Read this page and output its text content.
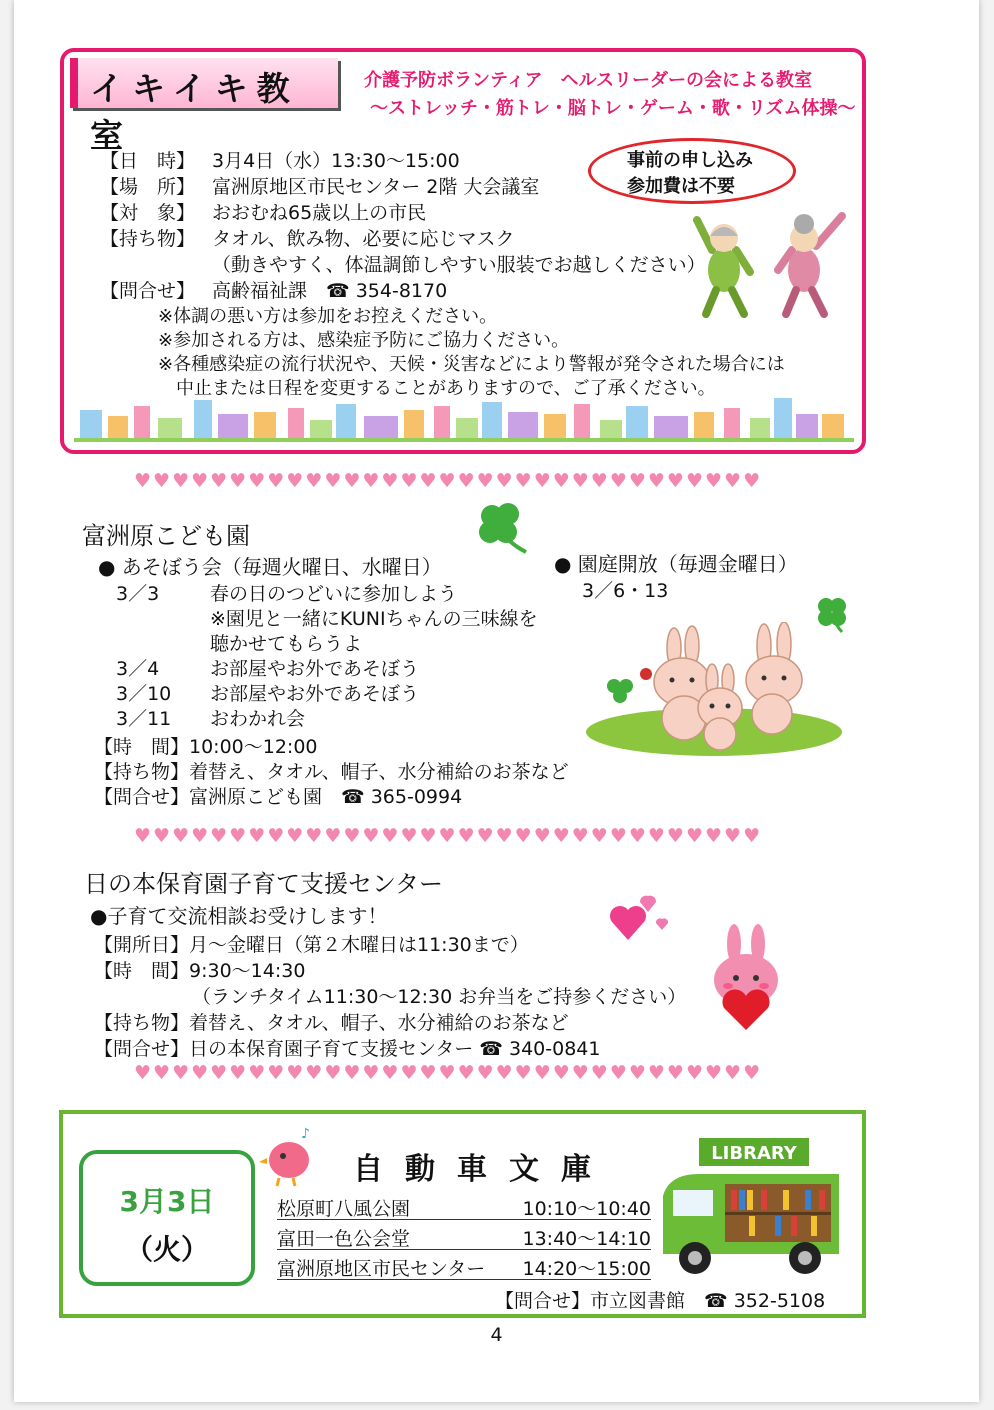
イキイキ教室
介護予防ボランティア　ヘルスリーダーの会による教室
～ストレッチ・筋トレ・脳トレ・ゲーム・歌・リズム体操～
【日　時】 3月4日（水）13:30～15:00
【場　所】 富洲原地区市民センター 2階 大会議室
【対　象】 おおむね65歳以上の市民
【持ち物】 タオル、飲み物、必要に応じマスク
（動きやすく、体温調節しやすい服装でお越しください）
【問合せ】 高齢福祉課　☎ 354-8170
※体調の悪い方は参加をお控えください。
※参加される方は、感染症予防にご協力ください。
※各種感染症の流行状況や、天候・災害などにより警報が発令された場合には
中止または日程を変更することがありますので、ご了承ください。
事前の申し込み
参加費は不要
♥♥♥♥♥♥♥♥♥♥♥♥♥♥♥♥♥♥♥♥♥♥♥♥♥♥♥♥♥♥♥♥♥
富洲原こども園
● あそぼう会（毎週火曜日、水曜日）
3／3	春の日のつどいに参加しよう
※園児と一緒にKUNIちゃんの三味線を
聴かせてもらうよ
3／4	お部屋やお外であそぼう
3／10 お部屋やお外であそぼう
3／11 おわかれ会
【時　間】10:00～12:00
【持ち物】着替え、タオル、帽子、水分補給のお茶など
【問合せ】富洲原こども園　☎ 365-0994
● 園庭開放（毎週金曜日）
3／6・13
♥♥♥♥♥♥♥♥♥♥♥♥♥♥♥♥♥♥♥♥♥♥♥♥♥♥♥♥♥♥♥♥♥
日の本保育園子育て支援センター
●子育て交流相談お受けします！
【開所日】月～金曜日（第２木曜日は11:30まで）
【時　間】9:30～14:30
（ランチタイム11:30～12:30 お弁当をご持参ください）
【持ち物】着替え、タオル、帽子、水分補給のお茶など
【問合せ】日の本保育園子育て支援センター ☎ 340-0841
♥♥♥♥♥♥♥♥♥♥♥♥♥♥♥♥♥♥♥♥♥♥♥♥♥♥♥♥♥♥♥♥♥
3月3日
（火）
♪
自動車文庫
松原町八風公園	10:10～10:40
富田一色公会堂	13:40～14:10
富洲原地区市民センター 14:20～15:00
【問合せ】市立図書館　☎ 352-5108
LIBRARY
4
